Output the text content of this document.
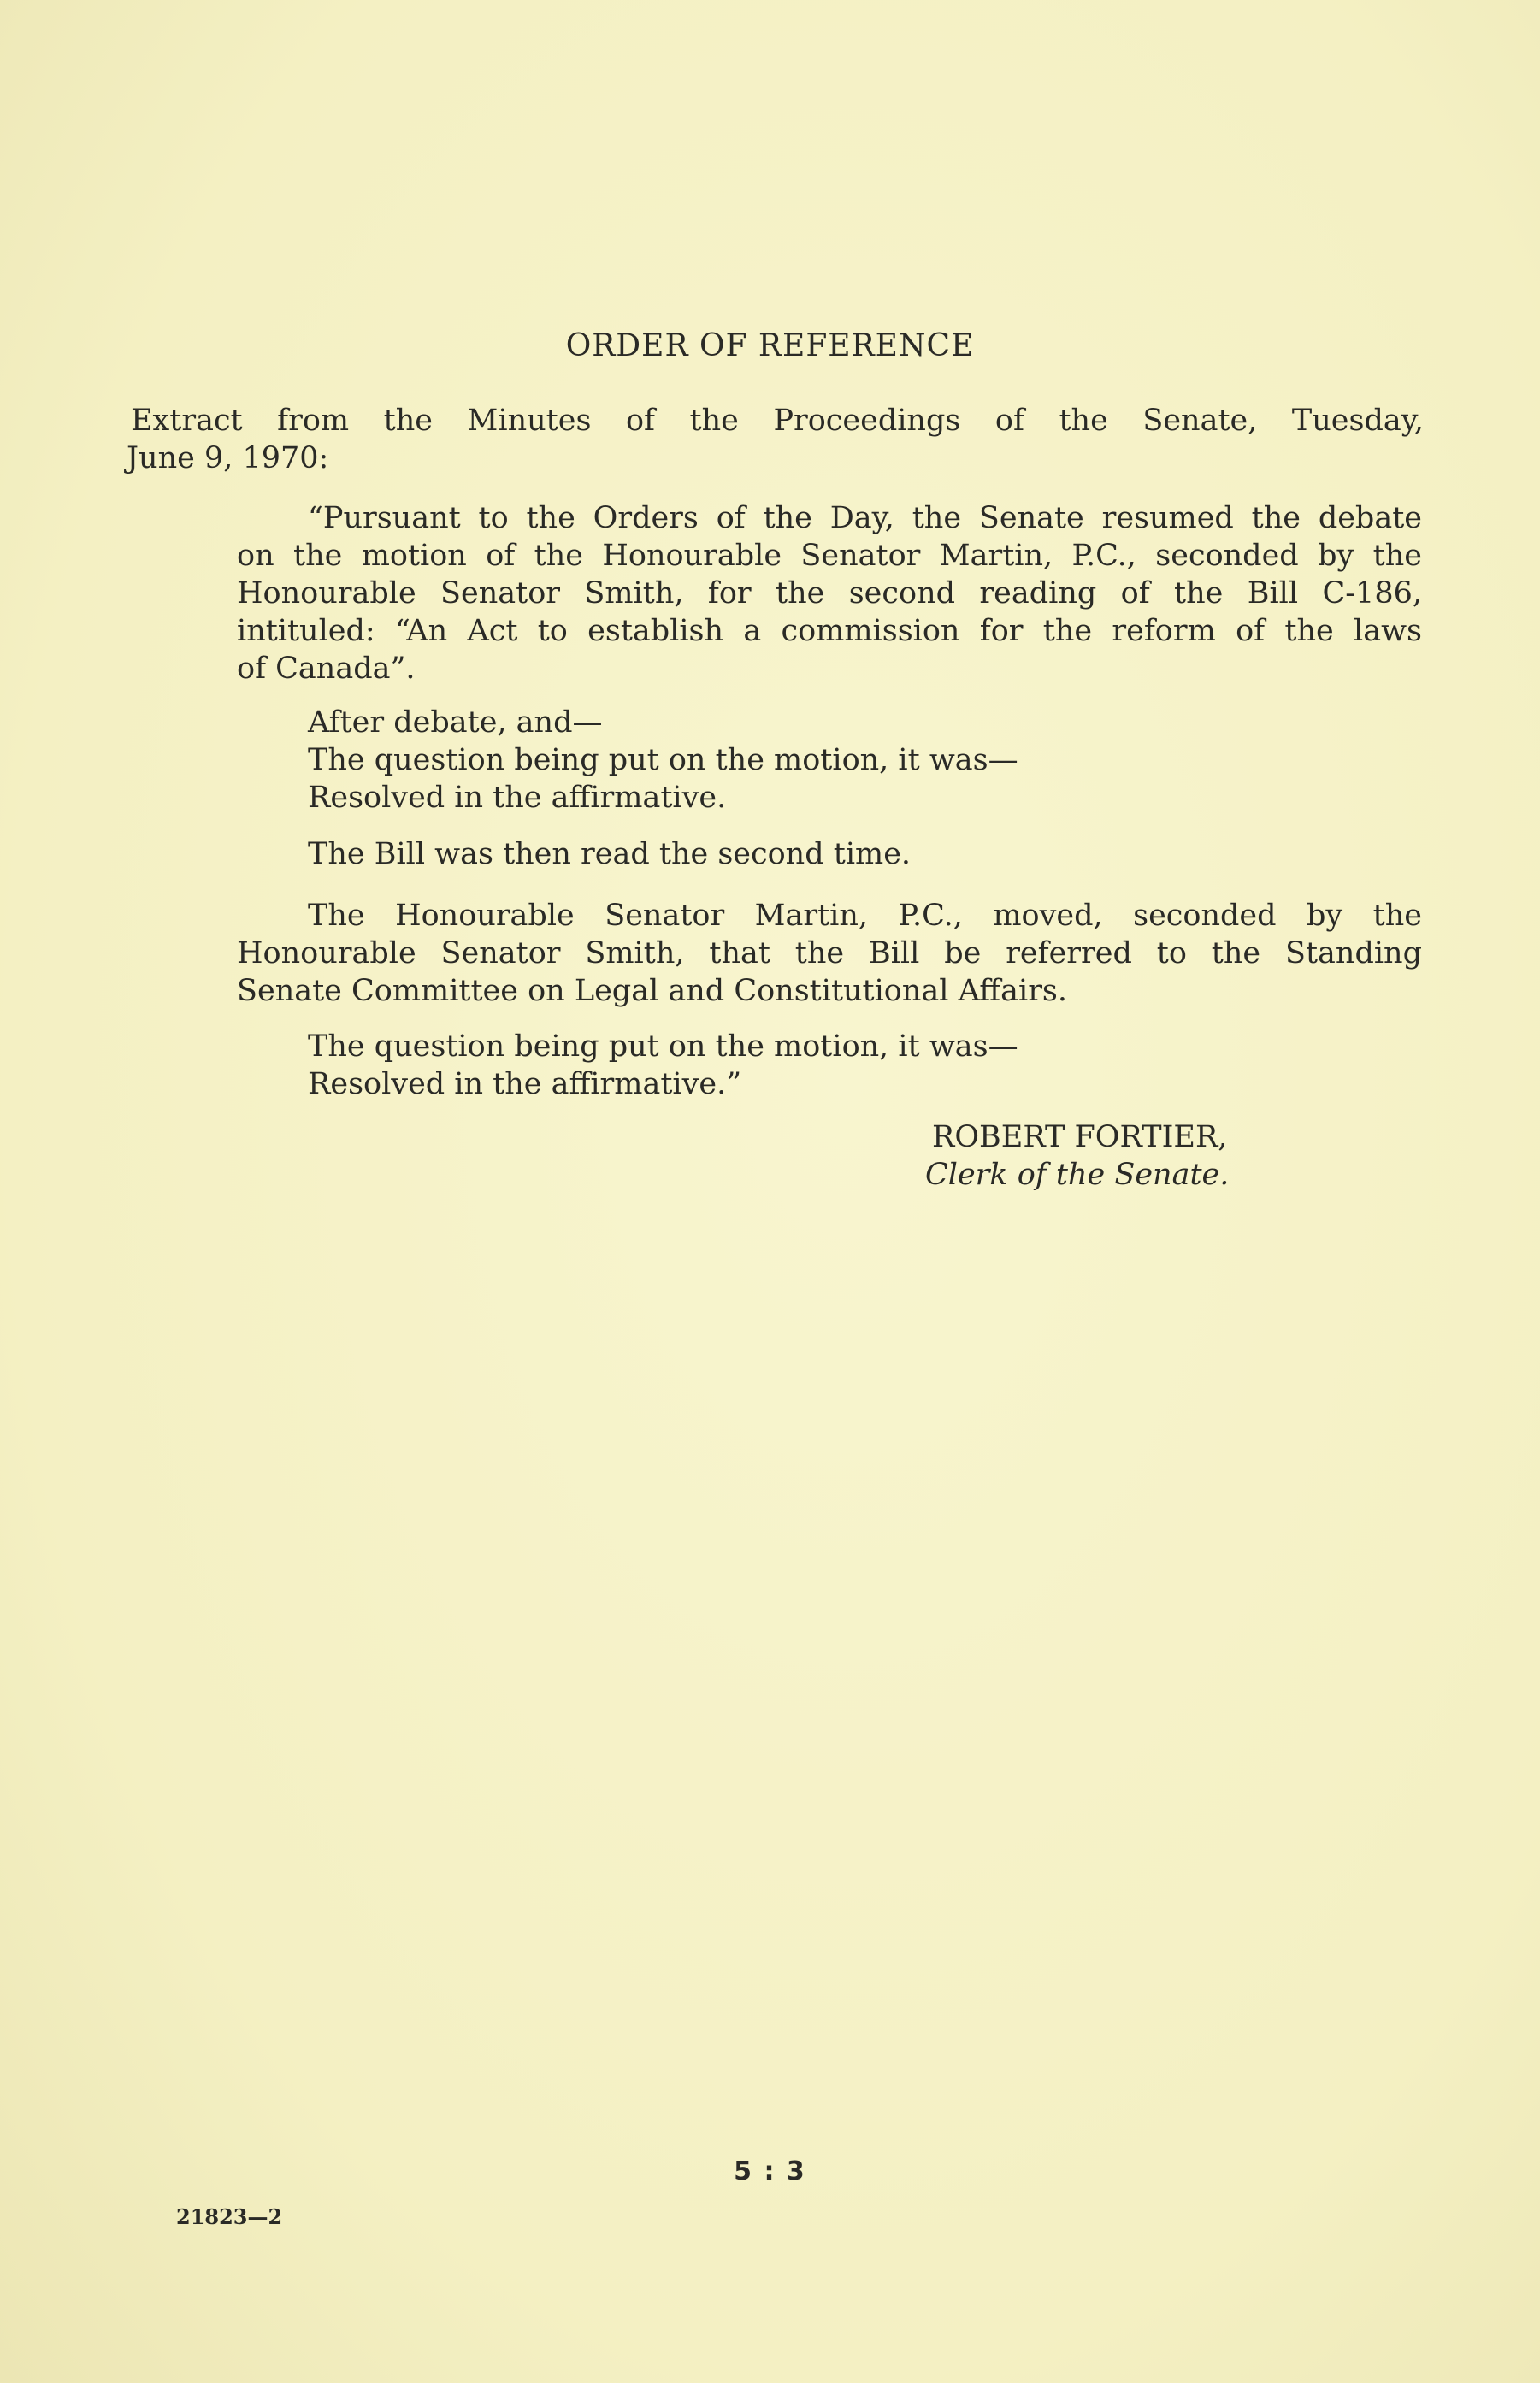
ORDER OF REFERENCE
Extract from the Minutes of the Proceedings of the Senate, Tuesday,
June 9, 1970:
“Pursuant to the Orders of the Day, the Senate resumed the debate
on the motion of the Honourable Senator Martin, P.C., seconded by the
Honourable Senator Smith, for the second reading of the Bill C-186,
intituled: “An Act to establish a commission for the reform of the laws
of Canada”.
After debate, and—
The question being put on the motion, it was—
Resolved in the affirmative.
The Bill was then read the second time.
The Honourable Senator Martin, P.C., moved, seconded by the
Honourable Senator Smith, that the Bill be referred to the Standing
Senate Committee on Legal and Constitutional Affairs.
The question being put on the motion, it was—
Resolved in the affirmative.”
ROBERT FORTIER,
Clerk of the Senate.
5 : 3
21823—2
